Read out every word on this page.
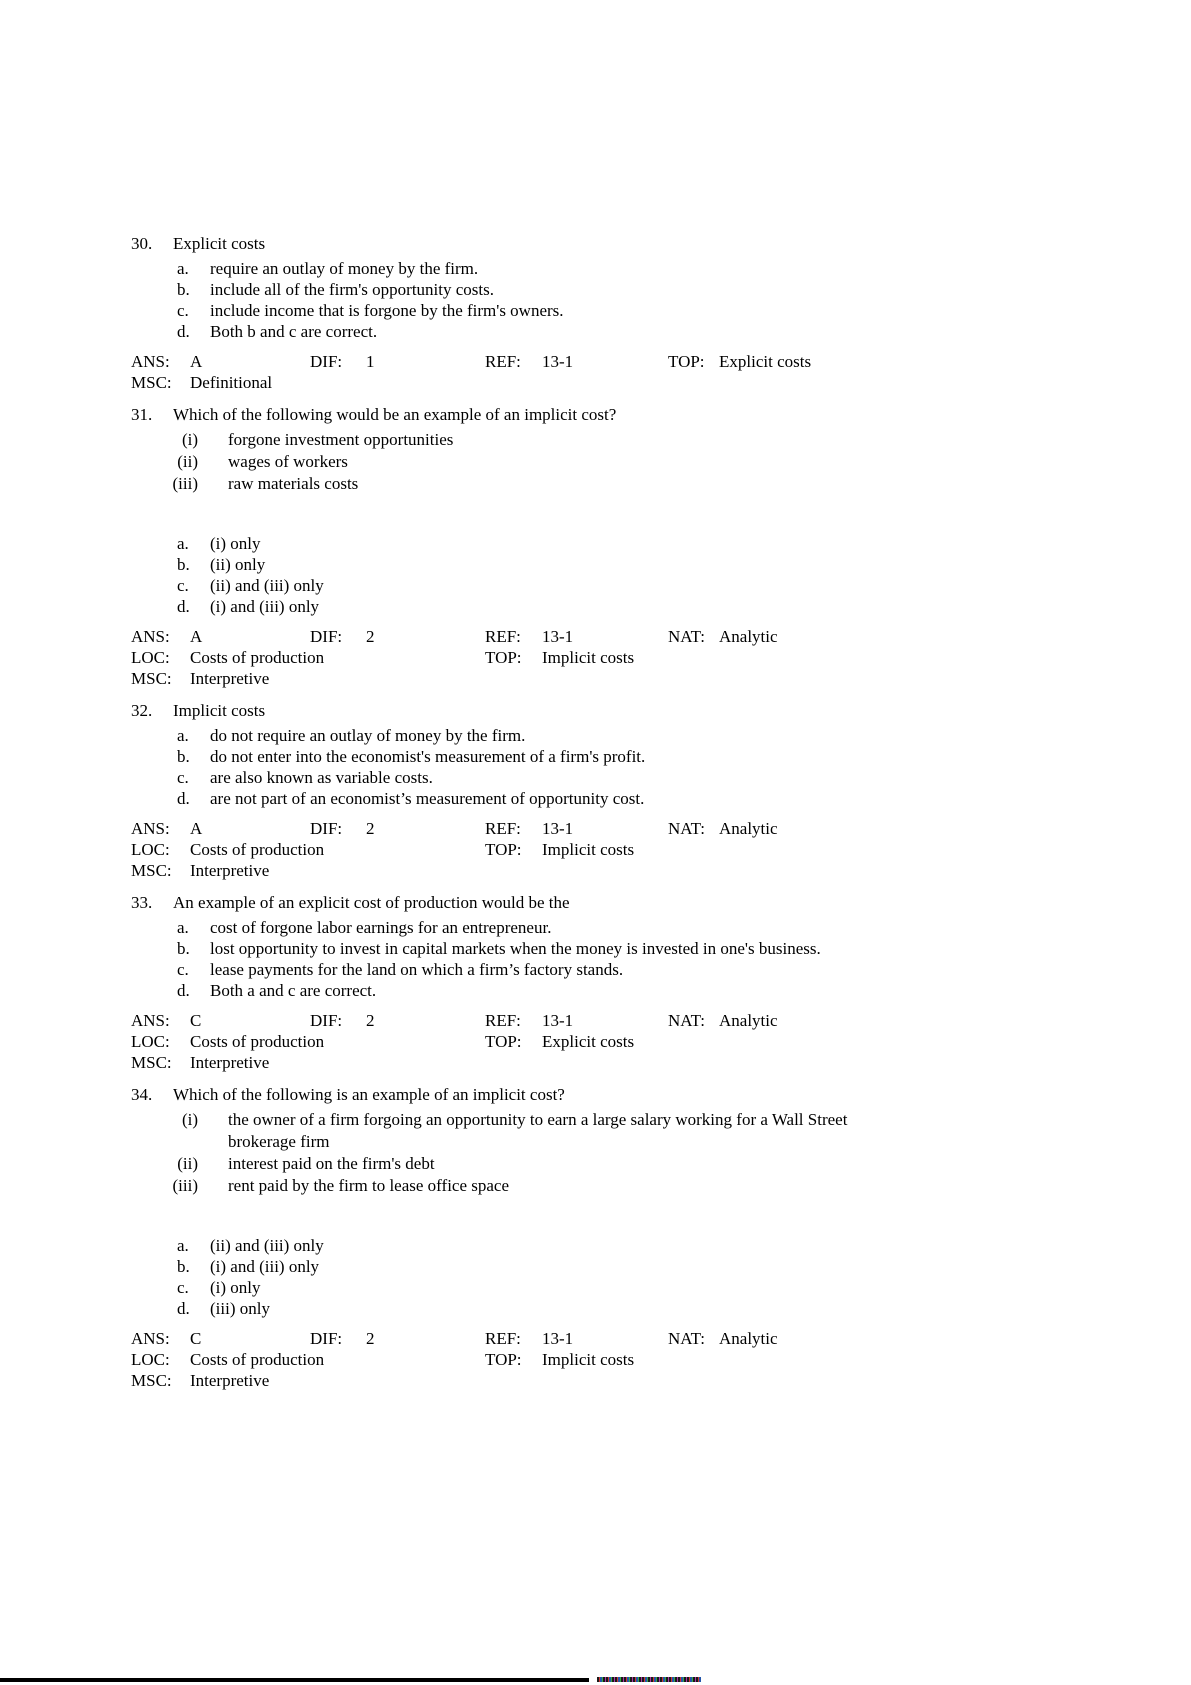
30.	Explicit costs
a.	require an outlay of money by the firm.
b.	include all of the firm's opportunity costs.
c.	include income that is forgone by the firm's owners.
d.	Both b and c are correct.
ANS: A	DIF: 1	REF: 13-1	TOP: Explicit costs
MSC: Definitional
31.	Which of the following would be an example of an implicit cost?
(i) forgone investment opportunities
(ii) wages of workers
(iii) raw materials costs
a.	(i) only
b.	(ii) only
c.	(ii) and (iii) only
d.	(i) and (iii) only
ANS: A	DIF: 2	REF: 13-1	NAT: Analytic
LOC: Costs of production	TOP: Implicit costs
MSC: Interpretive
32.	Implicit costs
a.	do not require an outlay of money by the firm.
b.	do not enter into the economist's measurement of a firm's profit.
c.	are also known as variable costs.
d.	are not part of an economist’s measurement of opportunity cost.
ANS: A	DIF: 2	REF: 13-1	NAT: Analytic
LOC: Costs of production	TOP: Implicit costs
MSC: Interpretive
33.	An example of an explicit cost of production would be the
a.	cost of forgone labor earnings for an entrepreneur.
b.	lost opportunity to invest in capital markets when the money is invested in one's business.
c.	lease payments for the land on which a firm’s factory stands.
d.	Both a and c are correct.
ANS: C	DIF: 2	REF: 13-1	NAT: Analytic
LOC: Costs of production	TOP: Explicit costs
MSC: Interpretive
34.	Which of the following is an example of an implicit cost?
(i) the owner of a firm forgoing an opportunity to earn a large salary working for a Wall Street brokerage firm
(ii) interest paid on the firm's debt
(iii) rent paid by the firm to lease office space
a.	(ii) and (iii) only
b.	(i) and (iii) only
c.	(i) only
d.	(iii) only
ANS: C	DIF: 2	REF: 13-1	NAT: Analytic
LOC: Costs of production	TOP: Implicit costs
MSC: Interpretive
